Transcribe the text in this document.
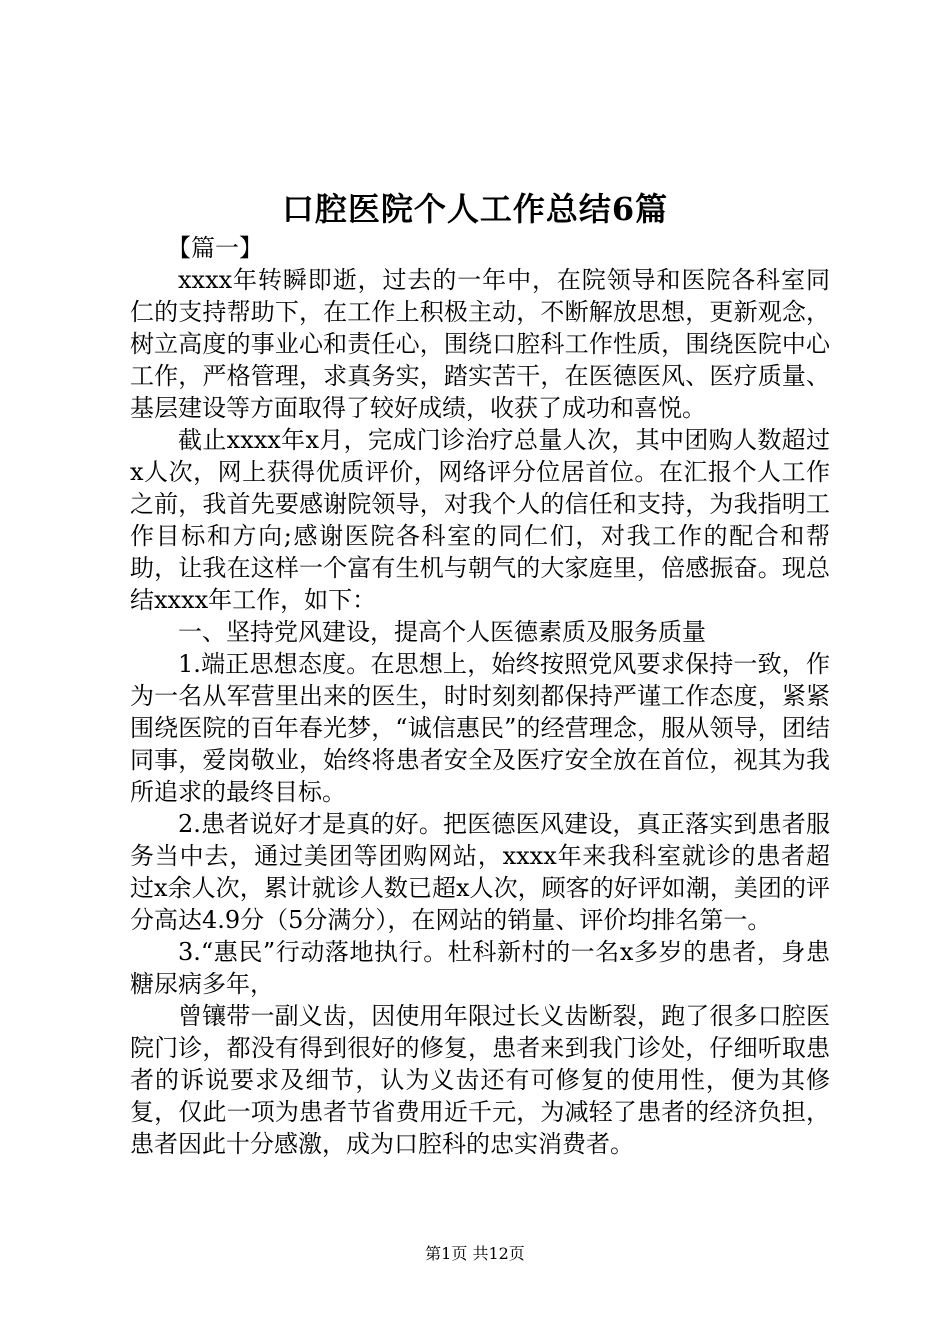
口腔医院个人工作总结6篇

【篇一】

xxxx年转瞬即逝，过去的一年中，在院领导和医院各科室同仁的支持帮助下，在工作上积极主动，不断解放思想，更新观念，树立高度的事业心和责任心，围绕口腔科工作性质，围绕医院中心工作，严格管理，求真务实，踏实苦干，在医德医风、医疗质量、基层建设等方面取得了较好成绩，收获了成功和喜悦。

截止xxxx年x月，完成门诊治疗总量人次，其中团购人数超过x人次，网上获得优质评价，网络评分位居首位。在汇报个人工作之前，我首先要感谢院领导，对我个人的信任和支持，为我指明工作目标和方向;感谢医院各科室的同仁们，对我工作的配合和帮助，让我在这样一个富有生机与朝气的大家庭里，倍感振奋。现总结xxxx年工作，如下：

一、坚持党风建设，提高个人医德素质及服务质量

1.端正思想态度。在思想上，始终按照党风要求保持一致，作为一名从军营里出来的医生，时时刻刻都保持严谨工作态度，紧紧围绕医院的百年春光梦，“诚信惠民”的经营理念，服从领导，团结同事，爱岗敬业，始终将患者安全及医疗安全放在首位，视其为我所追求的最终目标。

2.患者说好才是真的好。把医德医风建设，真正落实到患者服务当中去，通过美团等团购网站，xxxx年来我科室就诊的患者超过x余人次，累计就诊人数已超x人次，顾客的好评如潮，美团的评分高达4.9分（5分满分），在网站的销量、评价均排名第一。

3.“惠民”行动落地执行。杜科新村的一名x多岁的患者，身患糖尿病多年，

曾镶带一副义齿，因使用年限过长义齿断裂，跑了很多口腔医院门诊，都没有得到很好的修复，患者来到我门诊处，仔细听取患者的诉说要求及细节，认为义齿还有可修复的使用性，便为其修复，仅此一项为患者节省费用近千元，为减轻了患者的经济负担，患者因此十分感激，成为口腔科的忠实消费者。

第1页 共12页
